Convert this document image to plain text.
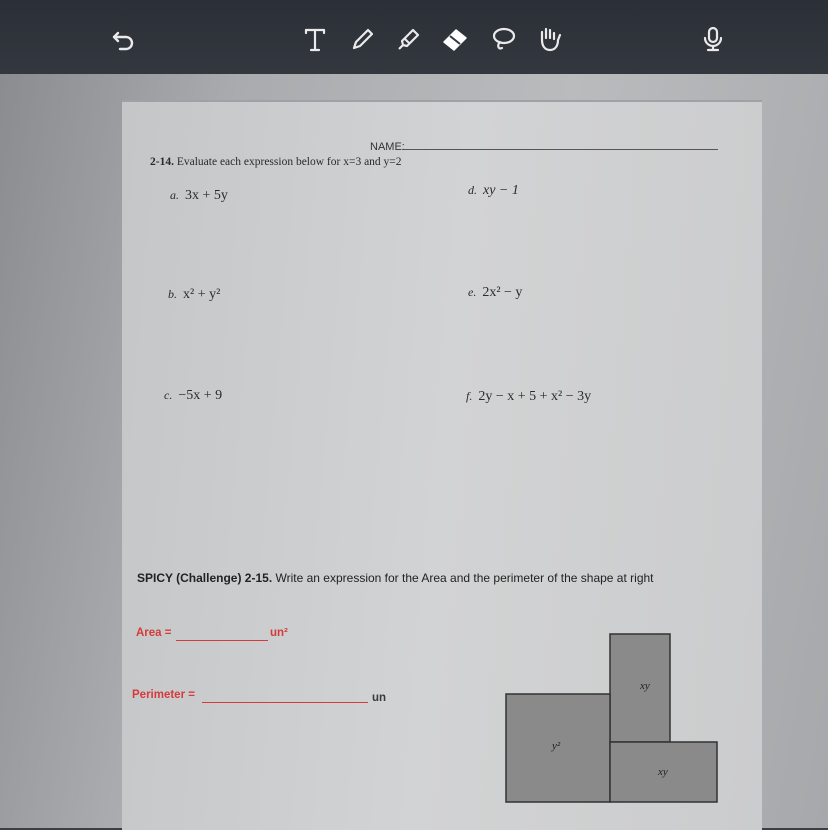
NAME:
2-14. Evaluate each expression below for x=3 and y=2
a. 3x + 5y	d. xy − 1
b. x² + y²	e. 2x² − y
c. −5x + 9	f. 2y − x + 5 + x² − 3y
SPICY (Challenge) 2-15. Write an expression for the Area and the perimeter of the shape at right
Area =	un²
Perimeter =	un
xy
y²
xy
